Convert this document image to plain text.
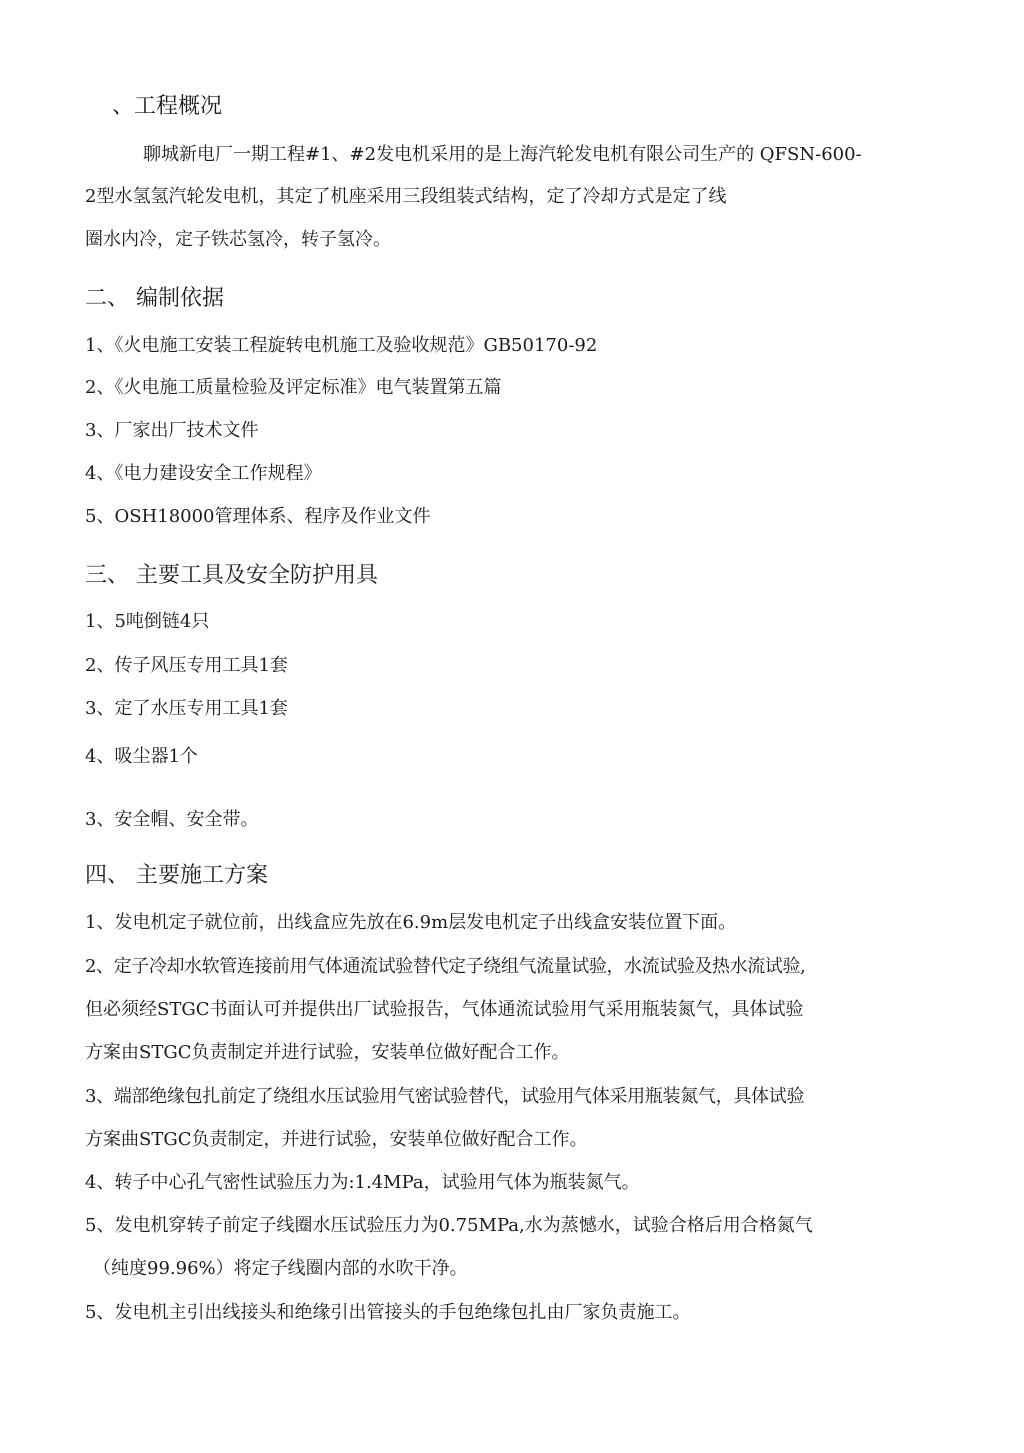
、工程概况
聊城新电厂一期工程#1、#2发电机采用的是上海汽轮发电机有限公司生产的 QFSN-600-
2型水氢氢汽轮发电机，其定了机座采用三段组装式结构，定了冷却方式是定了线
圈水内冷，定子铁芯氢冷，转子氢冷。
二、 编制依据
1、《火电施工安装工程旋转电机施工及验收规范》GB50170-92
2、《火电施工质量检验及评定标准》电气装置第五篇
3、厂家出厂技术文件
4、《电力建设安全工作规程》
5、OSH18000管理体系、程序及作业文件
三、 主要工具及安全防护用具
1、5吨倒链4只
2、传子风压专用工具1套
3、定了水压专用工具1套
4、吸尘器1个
3、安全帽、安全带。
四、 主要施工方案
1、发电机定子就位前，出线盒应先放在6.9m层发电机定子出线盒安装位置下面。
2、定子冷却水软管连接前用气体通流试验替代定子绕组气流量试验，水流试验及热水流试验,
但必须经STGC书面认可并提供出厂试验报告，气体通流试验用气采用瓶装氮气，具体试验
方案由STGC负责制定并进行试验，安装单位做好配合工作。
3、端部绝缘包扎前定了绕组水压试验用气密试验替代，试验用气体采用瓶装氮气，具体试验
方案曲STGC负责制定，并进行试验，安装单位做好配合工作。
4、转子中心孔气密性试验压力为:1.4MPa，试验用气体为瓶装氮气。
5、发电机穿转子前定子线圈水压试验压力为0.75MPa,水为蒸憾水，试验合格后用合格氮气
（纯度99.96%）将定子线圈内部的水吹干净。
5、发电机主引出线接头和绝缘引出管接头的手包绝缘包扎由厂家负责施工。
